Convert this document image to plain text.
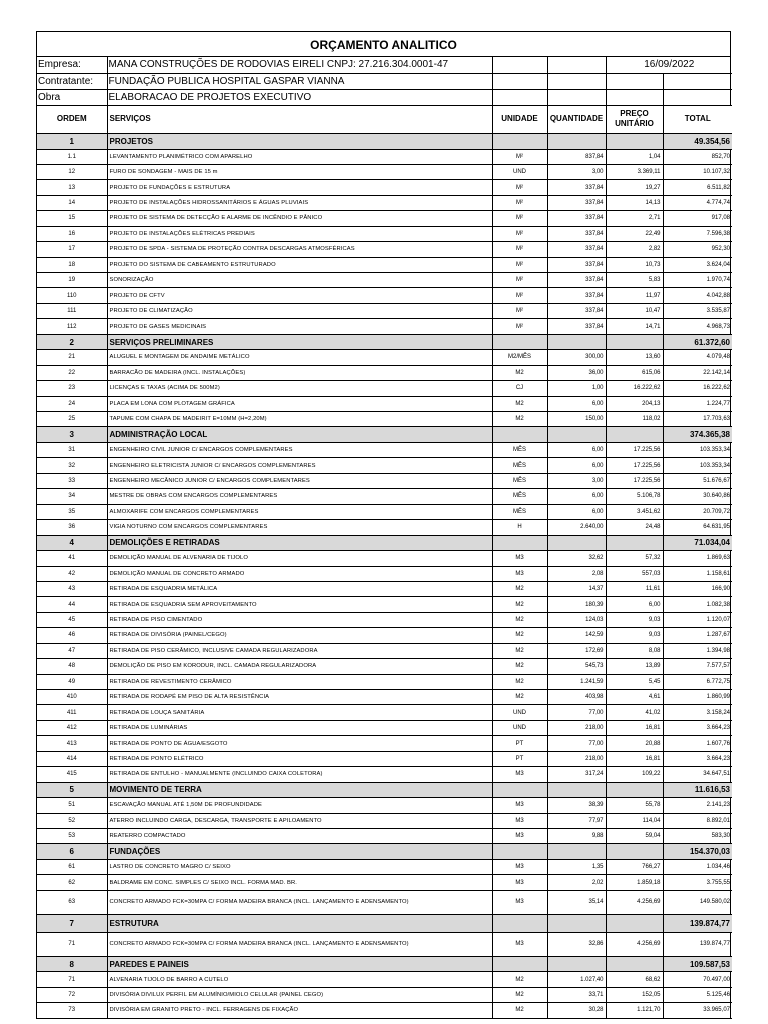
ORÇAMENTO ANALITICO
Empresa:	MANA CONSTRUÇÕES DE RODOVIAS EIRELI CNPJ: 27.216.304.0001-47			16/09/2022	
Contratante:	FUNDAÇÃO PUBLICA HOSPITAL GASPAR VIANNA				
Obra	ELABORACAO DE PROJETOS EXECUTIVO				
ORDEM	SERVIÇOS	UNIDADE	QUANTIDADE	PREÇO UNITÁRIO	TOTAL
1	PROJETOS				49.354,56
1.1	LEVANTAMENTO PLANIMÉTRICO COM APARELHO	M²	837,84	1,04	852,70
12	FURO DE SONDAGEM - MAIS DE 15 m	UND	3,00	3.369,11	10.107,32
13	PROJETO DE FUNDAÇÕES E ESTRUTURA	M²	337,84	19,27	6.511,82
14	PROJETO DE INSTALAÇÕES HIDROSSANITÁRIOS E ÁGUAS PLUVIAIS	M²	337,84	14,13	4.774,74
15	PROJETO DE SISTEMA DE DETECÇÃO E ALARME DE INCÊNDIO E PÂNICO	M²	337,84	2,71	917,08
16	PROJETO DE INSTALAÇÕES ELÉTRICAS PREDIAIS	M²	337,84	22,49	7.596,38
17	PROJETO DE SPDA - SISTEMA DE PROTEÇÃO CONTRA DESCARGAS ATMOSFÉRICAS	M²	337,84	2,82	952,30
18	PROJETO DO SISTEMA DE CABEAMENTO ESTRUTURADO	M²	337,84	10,73	3.624,04
19	SONORIZAÇÃO	M²	337,84	5,83	1.970,74
110	PROJETO DE CFTV	M²	337,84	11,97	4.042,88
111	PROJETO DE CLIMATIZAÇÃO	M²	337,84	10,47	3.535,87
112	PROJETO DE GASES MEDICINAIS	M²	337,84	14,71	4.968,73
2	SERVIÇOS PRELIMINARES				61.372,60
21	ALUGUEL E MONTAGEM DE ANDAIME METÁLICO	M2/MÊS	300,00	13,60	4.079,48
22	BARRACÃO DE MADEIRA (INCL. INSTALAÇÕES)	M2	36,00	615,06	22.142,14
23	LICENÇAS E TAXAS (ACIMA DE 500M2)	CJ	1,00	16.222,62	16.222,62
24	PLACA EM LONA COM PLOTAGEM GRÁFICA	M2	6,00	204,13	1.224,77
25	TAPUME COM CHAPA DE MADEIRIT E=10MM (H=2,20M)	M2	150,00	118,02	17.703,63
3	ADMINISTRAÇÃO LOCAL				374.365,38
31	ENGENHEIRO CIVIL JUNIOR C/ ENCARGOS COMPLEMENTARES	MÊS	6,00	17.225,56	103.353,34
32	ENGENHEIRO ELETRICISTA JUNIOR C/ ENCARGOS COMPLEMENTARES	MÊS	6,00	17.225,56	103.353,34
33	ENGENHEIRO MECÂNICO JUNIOR C/ ENCARGOS COMPLEMENTARES	MÊS	3,00	17.225,56	51.676,67
34	MESTRE DE OBRAS COM ENCARGOS COMPLEMENTARES	MÊS	6,00	5.106,78	30.640,86
35	ALMOXARIFE COM ENCARGOS COMPLEMENTARES	MÊS	6,00	3.451,62	20.709,72
36	VIGIA NOTURNO COM ENCARGOS COMPLEMENTARES	H	2.640,00	24,48	64.631,95
4	DEMOLIÇÕES E RETIRADAS				71.034,04
41	DEMOLIÇÃO MANUAL DE ALVENARIA DE TIJOLO	M3	32,62	57,32	1.869,63
42	DEMOLIÇÃO MANUAL DE CONCRETO ARMADO	M3	2,08	557,03	1.158,61
43	RETIRADA DE ESQUADRIA METÁLICA	M2	14,37	11,61	166,90
44	RETIRADA DE ESQUADRIA SEM APROVEITAMENTO	M2	180,39	6,00	1.082,38
45	RETIRADA DE PISO CIMENTADO	M2	124,03	9,03	1.120,07
46	RETIRADA DE DIVISÓRIA (PAINEL/CEGO)	M2	142,59	9,03	1.287,67
47	RETIRADA DE PISO CERÂMICO, INCLUSIVE CAMADA REGULARIZADORA	M2	172,69	8,08	1.394,98
48	DEMOLIÇÃO DE PISO EM KORODUR, INCL. CAMADA REGULARIZADORA	M2	545,73	13,89	7.577,57
49	RETIRADA DE REVESTIMENTO CERÂMICO	M2	1.241,59	5,45	6.772,75
410	RETIRADA DE RODAPÉ EM PISO DE ALTA RESISTÊNCIA	M2	403,98	4,61	1.860,99
411	RETIRADA DE LOUÇA SANITÁRIA	UND	77,00	41,02	3.158,24
412	RETIRADA DE LUMINÁRIAS	UND	218,00	16,81	3.664,23
413	RETIRADA DE PONTO DE ÁGUA/ESGOTO	PT	77,00	20,88	1.607,76
414	RETIRADA DE PONTO ELÉTRICO	PT	218,00	16,81	3.664,23
415	RETIRADA DE ENTULHO - MANUALMENTE (INCLUINDO CAIXA COLETORA)	M3	317,24	109,22	34.647,51
5	MOVIMENTO DE TERRA				11.616,53
51	ESCAVAÇÃO MANUAL ATÉ 1,50M DE PROFUNDIDADE	M3	38,39	55,78	2.141,23
52	ATERRO INCLUINDO CARGA, DESCARGA, TRANSPORTE E APILOAMENTO	M3	77,97	114,04	8.892,01
53	REATERRO COMPACTADO	M3	9,88	59,04	583,30
6	FUNDAÇÕES				154.370,03
61	LASTRO DE CONCRETO MAGRO C/ SEIXO	M3	1,35	766,27	1.034,46
62	BALDRAME EM CONC. SIMPLES C/ SEIXO INCL. FORMA MAD. BR.	M3	2,02	1.859,18	3.755,55
63	CONCRETO ARMADO FCK=30MPA C/ FORMA MADEIRA BRANCA (INCL. LANÇAMENTO E ADENSAMENTO)	M3	35,14	4.256,69	149.580,02
7	ESTRUTURA				139.874,77
71	CONCRETO ARMADO FCK=30MPA C/ FORMA MADEIRA BRANCA (INCL. LANÇAMENTO E ADENSAMENTO)	M3	32,86	4.256,69	139.874,77
8	PAREDES E PAINEIS				109.587,53
71	ALVENARIA TIJOLO DE BARRO A CUTELO	M2	1.027,40	68,62	70.497,00
72	DIVISÓRIA DIVILUX PERFIL EM ALUMÍNIO/MIOLO CELULAR (PAINEL CEGO)	M2	33,71	152,05	5.125,46
73	DIVISÓRIA EM GRANITO PRETO - INCL. FERRAGENS DE FIXAÇÃO	M2	30,28	1.121,70	33.965,07
